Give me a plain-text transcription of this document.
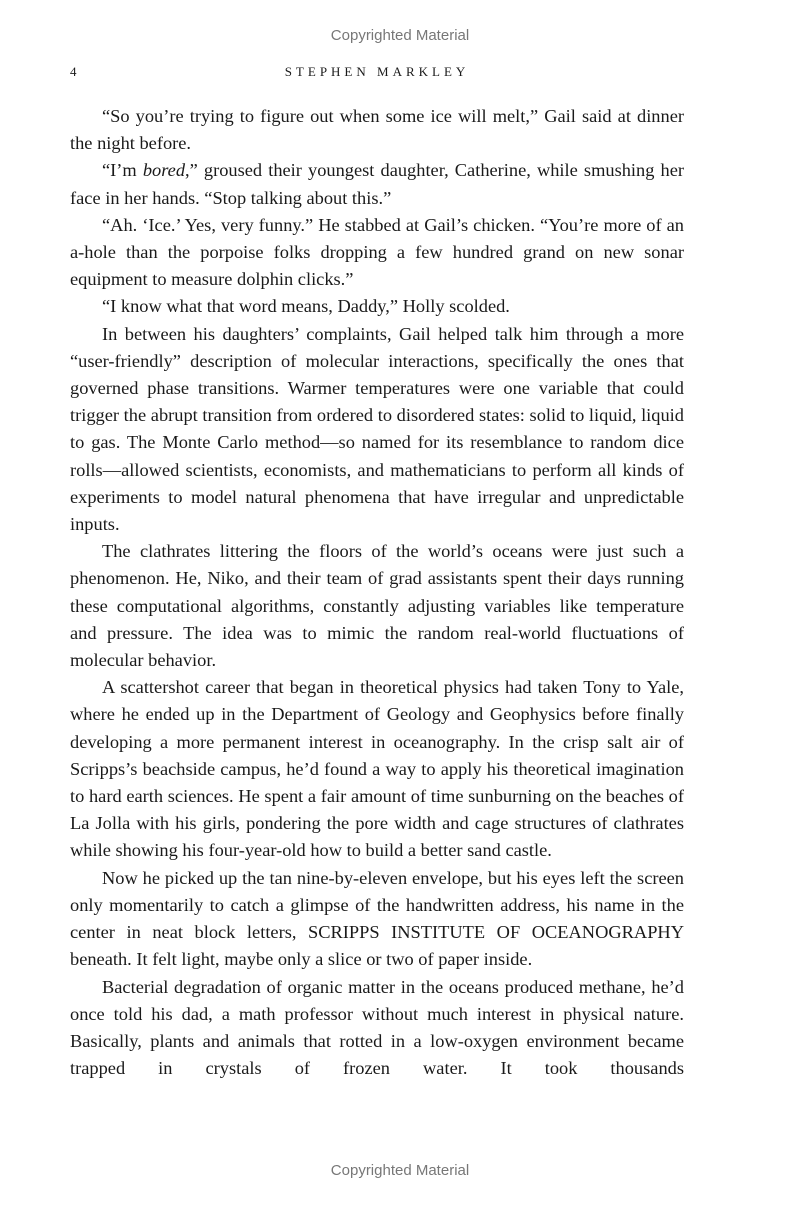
Copyrighted Material
4	STEPHEN MARKLEY

“So you’re trying to figure out when some ice will melt,” Gail said at dinner the night before.

“I’m bored,” groused their youngest daughter, Catherine, while smushing her face in her hands. “Stop talking about this.”

“Ah. ‘Ice.’ Yes, very funny.” He stabbed at Gail’s chicken. “You’re more of an a-hole than the porpoise folks dropping a few hundred grand on new sonar equipment to measure dolphin clicks.”

“I know what that word means, Daddy,” Holly scolded.

In between his daughters’ complaints, Gail helped talk him through a more “user-friendly” description of molecular interactions, specifically the ones that governed phase transitions. Warmer temperatures were one variable that could trigger the abrupt transition from ordered to disordered states: solid to liquid, liquid to gas. The Monte Carlo method—so named for its resemblance to random dice rolls—allowed scientists, economists, and mathematicians to perform all kinds of experiments to model natural phenomena that have irregular and unpredictable inputs.

The clathrates littering the floors of the world’s oceans were just such a phenomenon. He, Niko, and their team of grad assistants spent their days running these computational algorithms, constantly adjusting variables like temperature and pressure. The idea was to mimic the random real-world fluctuations of molecular behavior.

A scattershot career that began in theoretical physics had taken Tony to Yale, where he ended up in the Department of Geology and Geophysics before finally developing a more permanent interest in oceanography. In the crisp salt air of Scripps’s beachside campus, he’d found a way to apply his theoretical imagination to hard earth sciences. He spent a fair amount of time sunburning on the beaches of La Jolla with his girls, pondering the pore width and cage structures of clathrates while showing his four-year-old how to build a better sand castle.

Now he picked up the tan nine-by-eleven envelope, but his eyes left the screen only momentarily to catch a glimpse of the handwritten address, his name in the center in neat block letters, SCRIPPS INSTITUTE OF OCEANOGRAPHY beneath. It felt light, maybe only a slice or two of paper inside.

Bacterial degradation of organic matter in the oceans produced methane, he’d once told his dad, a math professor without much interest in physical nature. Basically, plants and animals that rotted in a low-oxygen environment became trapped in crystals of frozen water. It took thousands

Copyrighted Material
